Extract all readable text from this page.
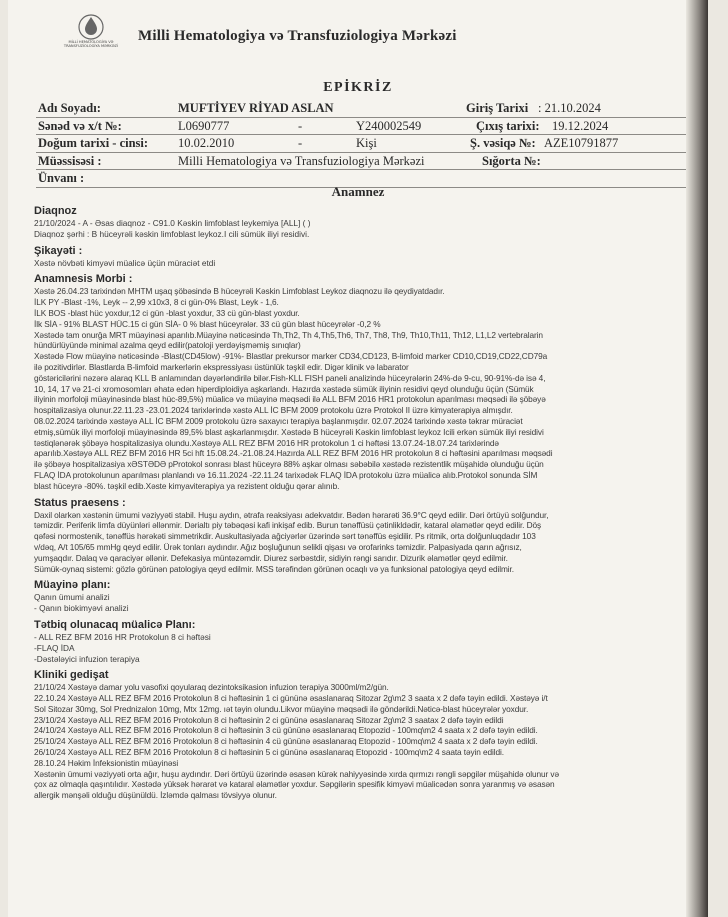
MİLLİ HEMATOLOGİYA VƏ TRANSFUZİOLOGİYA MƏRKƏZİ
Milli Hematologiya və Transfuziologiya Mərkəzi
EPİKRİZ
Adı Soyadı:	MUFTİYEV RİYAD ASLAN	Giriş Tarixi : 21.10.2024
Sənəd və x/t №:	L0690777	-	Y240002549	Çıxış tarixi: 19.12.2024
Doğum tarixi - cinsi: 10.02.2010	-	Kişi	Ş. vəsiqə №: AZE10791877
Müəssisəsi :	Milli Hematologiya və Transfuziologiya Mərkəzi	Sığorta №:
Ünvanı :
Anamnez
Diaqnoz
21/10/2024 - A - Əsas diaqnoz - C91.0 Kəskin limfoblast leykemiya [ALL] ( )
Diaqnoz şərhi : B hüceyrəli kəskin limfoblast leykoz.I cili sümük iliyi residivi.
Şikayəti :
Xəstə növbəti kimyəvi müalicə üçün müraciət etdi
Anamnesis Morbi :
Xəstə 26.04.23 tarixindən MHTM uşaq şöbəsində B hüceyrəli Kəskin Limfoblast Leykoz diaqnozu ilə qeydiyatdadır.
İLK PY -Blast -1%, Leyk -- 2,99 x10x3, 8 ci gün-0% Blast, Leyk - 1,6.
İLK BOS -blast hüc yoxdur,12 ci gün -blast yoxdur, 33 cü gün-blast yoxdur.
İlk SİA - 91% BLAST HÜC.15 ci gün SİA- 0 % blast hüceyrələr. 33 cü gün blast hüceyrələr -0,2 %
Xəstədə tam onurğa MRT müayinəsi aparılıb.Müayinə nəticəsində Th,Th2, Th 4,Th5,Th6, Th7, Th8, Th9, Th10,Th11, Th12, L1,L2 vertebralarin
hündürlüyündə minimal azalma qeyd edilir(patoloji yerdəyişməmiş sınıqlar)
Xəstədə Flow müayinə nəticəsində -Blast(CD45low) -91%- Blastlar prekursor marker CD34,CD123, B-limfoid marker CD10,CD19,CD22,CD79a
ilə pozitivdirlər. Blastlarda B-limfoid markerlərin ekspressiyası üstünlük təşkil edir. Digər klinik və labarator
göstəricilərini nəzərə alaraq KLL B anlamından dəyərləndirilə bilər.Fish-KLL FISH paneli analizində hüceyrələrin 24%-də 9-cu, 90-91%-də isə 4,
10, 14, 17 və 21-ci xromosomları əhatə edən hiperdiploidiya aşkarlandı. Hazırda xəstədə sümük iliyinin residivi qeyd olunduğu üçün (Sümük
iliyinin morfoloji müayinəsində blast hüc-89,5%) müalicə və müayinə məqsədi ilə ALL BFM 2016 HR1 protokolun aparılması məqsədi ilə şöbəyə
hospitalizasiya olunur.22.11.23 -23.01.2024 tarixlərində xəstə ALL İC BFM 2009 protokolu üzrə Protokol II üzrə kimyaterapiya almışdır.
08.02.2024 tarixində xəstəyə ALL İC BFM 2009 protokolu üzrə saxayıcı terapiya başlanmışdır. 02.07.2024 tarixində xəstə təkrar müraciət
etmiş,sümük iliyi morfoloji müayinəsində 89,5% blast aşkarlanmışdır. Xəstədə B hüceyrəli Kəskin limfoblast leykoz Icili erkən sümük iliyi residivi
təstiqlənərək şöbəyə hospitalizasiya olundu.Xəstəyə ALL REZ BFM 2016 HR protokolun 1 ci həftəsi 13.07.24-18.07.24 tarixlərində
aparılıb.Xəstəyə ALL REZ BFM 2016 HR 5ci hft 15.08.24.-21.08.24.Hazırda ALL REZ BFM 2016 HR protokolun 8 ci həftəsini aparılması məqsədi
ilə şöbəyə hospitalizasiya xƏSTƏDƏ pProtokol sonrası blast hüceyrə 88% aşkar olması səbəbilə xəstədə rezistentlik müşahidə olunduğu üçün
FLAQ İDA protokolunun aparılması planlandı və 16.11.2024 -22.11.24 tarixədək FLAQ İDA protokolu üzrə müalicə alıb.Protokol sonunda SİM
blast hüceyrə -80%. təşkil edib.Xəste kimyaviterapiya ya rezistent olduğu qərar alınıb.
Status praesens :
Daxil olarkən xəstənin ümumi vəziyyəti stabil. Huşu aydın, ətrafa reaksiyası adekvatdır. Bədən hərarəti 36.9°C qeyd edilir. Dəri örtüyü solğundur,
təmizdir. Periferik limfa düyünləri əllənmir. Dərialtı piy təbəqəsi kafi inkişaf edib. Burun tənəffüsü çətinlikldədir, kataral əlamətlər qeyd edilir. Döş
qəfəsi normostenik, tənəffüs hərəkəti simmetrikdir. Auskultasiyada ağciyərlər üzərində sərt tənəffüs eşidilir. Ps ritmik, orta dolğunluqdadır 103
v/dəq, A/t 105/65 mmHg qeyd edilir. Ürək tonları aydındır. Ağız boşluğunun selikli qişası və orofarinks təmizdir. Palpasiyada qarın ağrısız,
yumşaqdır. Dalaq və qaraciyər əllənir. Defekasiya müntəzəmdir. Diurez sərbəstdir, sidiyin rəngi sarıdır. Dizurik əlamətlər qeyd edilmir.
Sümük-oynaq sistemi: gözlə görünən patologiya qeyd edilmir. MSS tərəfindən görünən ocaqlı və ya funksional patologiya qeyd edilmir.
Müayinə planı:
Qanın ümumi analizi
- Qanın biokimyəvi analizi
Tətbiq olunacaq müalicə Planı:
- ALL REZ BFM 2016 HR Protokolun 8 ci həftəsi
-FLAQ İDA
-Dəstələyici infuzion terapiya
Kliniki gedişat
21/10/24 Xəstəyə damar yolu vasofixi qoyularaq dezintoksikasion infuzion terapiya 3000ml/m2/gün.
22.10.24 Xəstəyə ALL REZ BFM 2016 Protokolun 8 ci həftəsinin 1 ci gününə əsaslanaraq Sitozar 2g\m2 3 saata x 2 dəfə təyin edildi. Xəstəyə i/t
Sol Sitozar 30mg, Sol Prednizalon 10mg, Mtx 12mg. ıət təyin olundu.Likvor müayinə məqsədi ilə göndərildi.Nəticə-blast hüceyrələr yoxdur.
23/10/24 Xəstəyə ALL REZ BFM 2016 Protokolun 8 ci həftəsinin 2 ci gününə əsaslanaraq Sitozar 2g\m2 3 saatax 2 dəfə təyin edildi
24/10/24 Xəstəyə ALL REZ BFM 2016 Protokolun 8 ci həftəsinin 3 cü gününə əsaslanaraq Etopozid - 100mq\m2 4 saata x 2 dəfə təyin edildi.
25/10/24 Xəstəyə ALL REZ BFM 2016 Protokolun 8 ci həftəsinin 4 cü gününə əsaslanaraq Etopozid - 100mq\m2 4 saata x 2 dəfə təyin edildi.
26/10/24 Xəstəyə ALL REZ BFM 2016 Protokolun 8 ci həftəsinin 5 ci gününə əsaslanaraq Etopozid - 100mq\m2 4 saata təyin edildi.
28.10.24 Həkim İnfeksionistin müayinəsi
Xəstənin ümumi vəziyyəti orta ağır, huşu aydındır. Dəri örtüyü üzərində əsasən kürək nahiyyəsində xırda qırmızı rəngli səpgilər müşahidə olunur və
çox az olmaqla qaşıntılıdır. Xəstədə yüksək hərarət və kataral əlamətlər yoxdur. Səpgilərin spesifik kimyəvi müalicədən sonra yaranmış və əsasən
allergik mənşəli olduğu düşünüldü. İzləmdə qalması tövsiyyə olunur.
